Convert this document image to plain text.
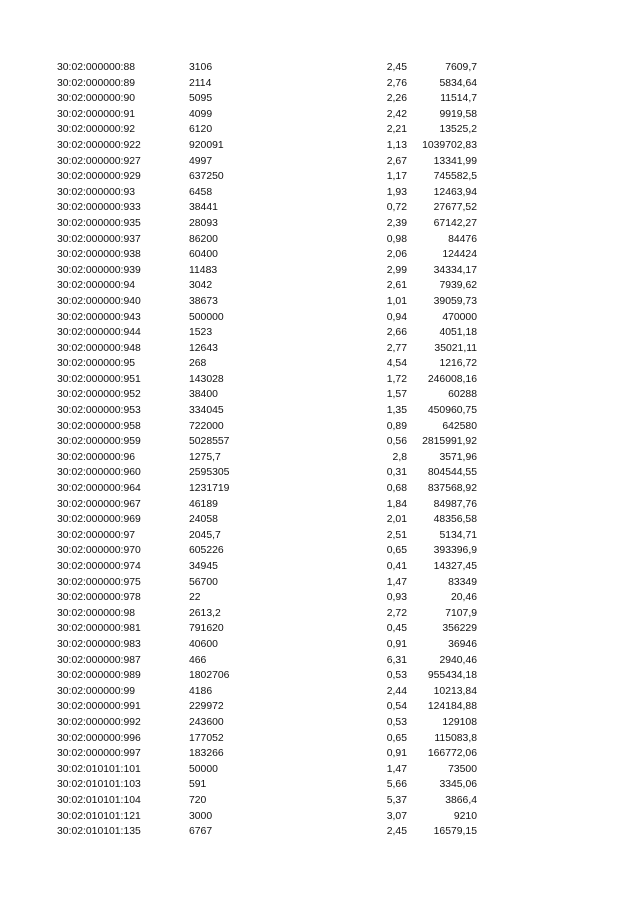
30:02:000000:88	3106	2,45	7609,7
30:02:000000:89	2114	2,76	5834,64
30:02:000000:90	5095	2,26	11514,7
30:02:000000:91	4099	2,42	9919,58
30:02:000000:92	6120	2,21	13525,2
30:02:000000:922	920091	1,13 1039702,83
30:02:000000:927	4997	2,67	13341,99
30:02:000000:929	637250	1,17	745582,5
30:02:000000:93	6458	1,93	12463,94
30:02:000000:933	38441	0,72	27677,52
30:02:000000:935	28093	2,39	67142,27
30:02:000000:937	86200	0,98	84476
30:02:000000:938	60400	2,06	124424
30:02:000000:939	11483	2,99	34334,17
30:02:000000:94	3042	2,61	7939,62
30:02:000000:940	38673	1,01	39059,73
30:02:000000:943	500000	0,94	470000
30:02:000000:944	1523	2,66	4051,18
30:02:000000:948	12643	2,77	35021,11
30:02:000000:95	268	4,54	1216,72
30:02:000000:951	143028	1,72 246008,16
30:02:000000:952	38400	1,57	60288
30:02:000000:953	334045	1,35 450960,75
30:02:000000:958	722000	0,89	642580
30:02:000000:959	5028557	0,56 2815991,92
30:02:000000:96	1275,7	2,8	3571,96
30:02:000000:960	2595305	0,31 804544,55
30:02:000000:964	1231719	0,68 837568,92
30:02:000000:967	46189	1,84	84987,76
30:02:000000:969	24058	2,01	48356,58
30:02:000000:97	2045,7	2,51	5134,71
30:02:000000:970	605226	0,65	393396,9
30:02:000000:974	34945	0,41	14327,45
30:02:000000:975	56700	1,47	83349
30:02:000000:978	22	0,93	20,46
30:02:000000:98	2613,2	2,72	7107,9
30:02:000000:981	791620	0,45	356229
30:02:000000:983	40600	0,91	36946
30:02:000000:987	466	6,31	2940,46
30:02:000000:989	1802706	0,53 955434,18
30:02:000000:99	4186	2,44	10213,84
30:02:000000:991	229972	0,54 124184,88
30:02:000000:992	243600	0,53	129108
30:02:000000:996	177052	0,65	115083,8
30:02:000000:997	183266	0,91 166772,06
30:02:010101:101	50000	1,47	73500
30:02:010101:103	591	5,66	3345,06
30:02:010101:104	720	5,37	3866,4
30:02:010101:121	3000	3,07	9210
30:02:010101:135	6767	2,45	16579,15
